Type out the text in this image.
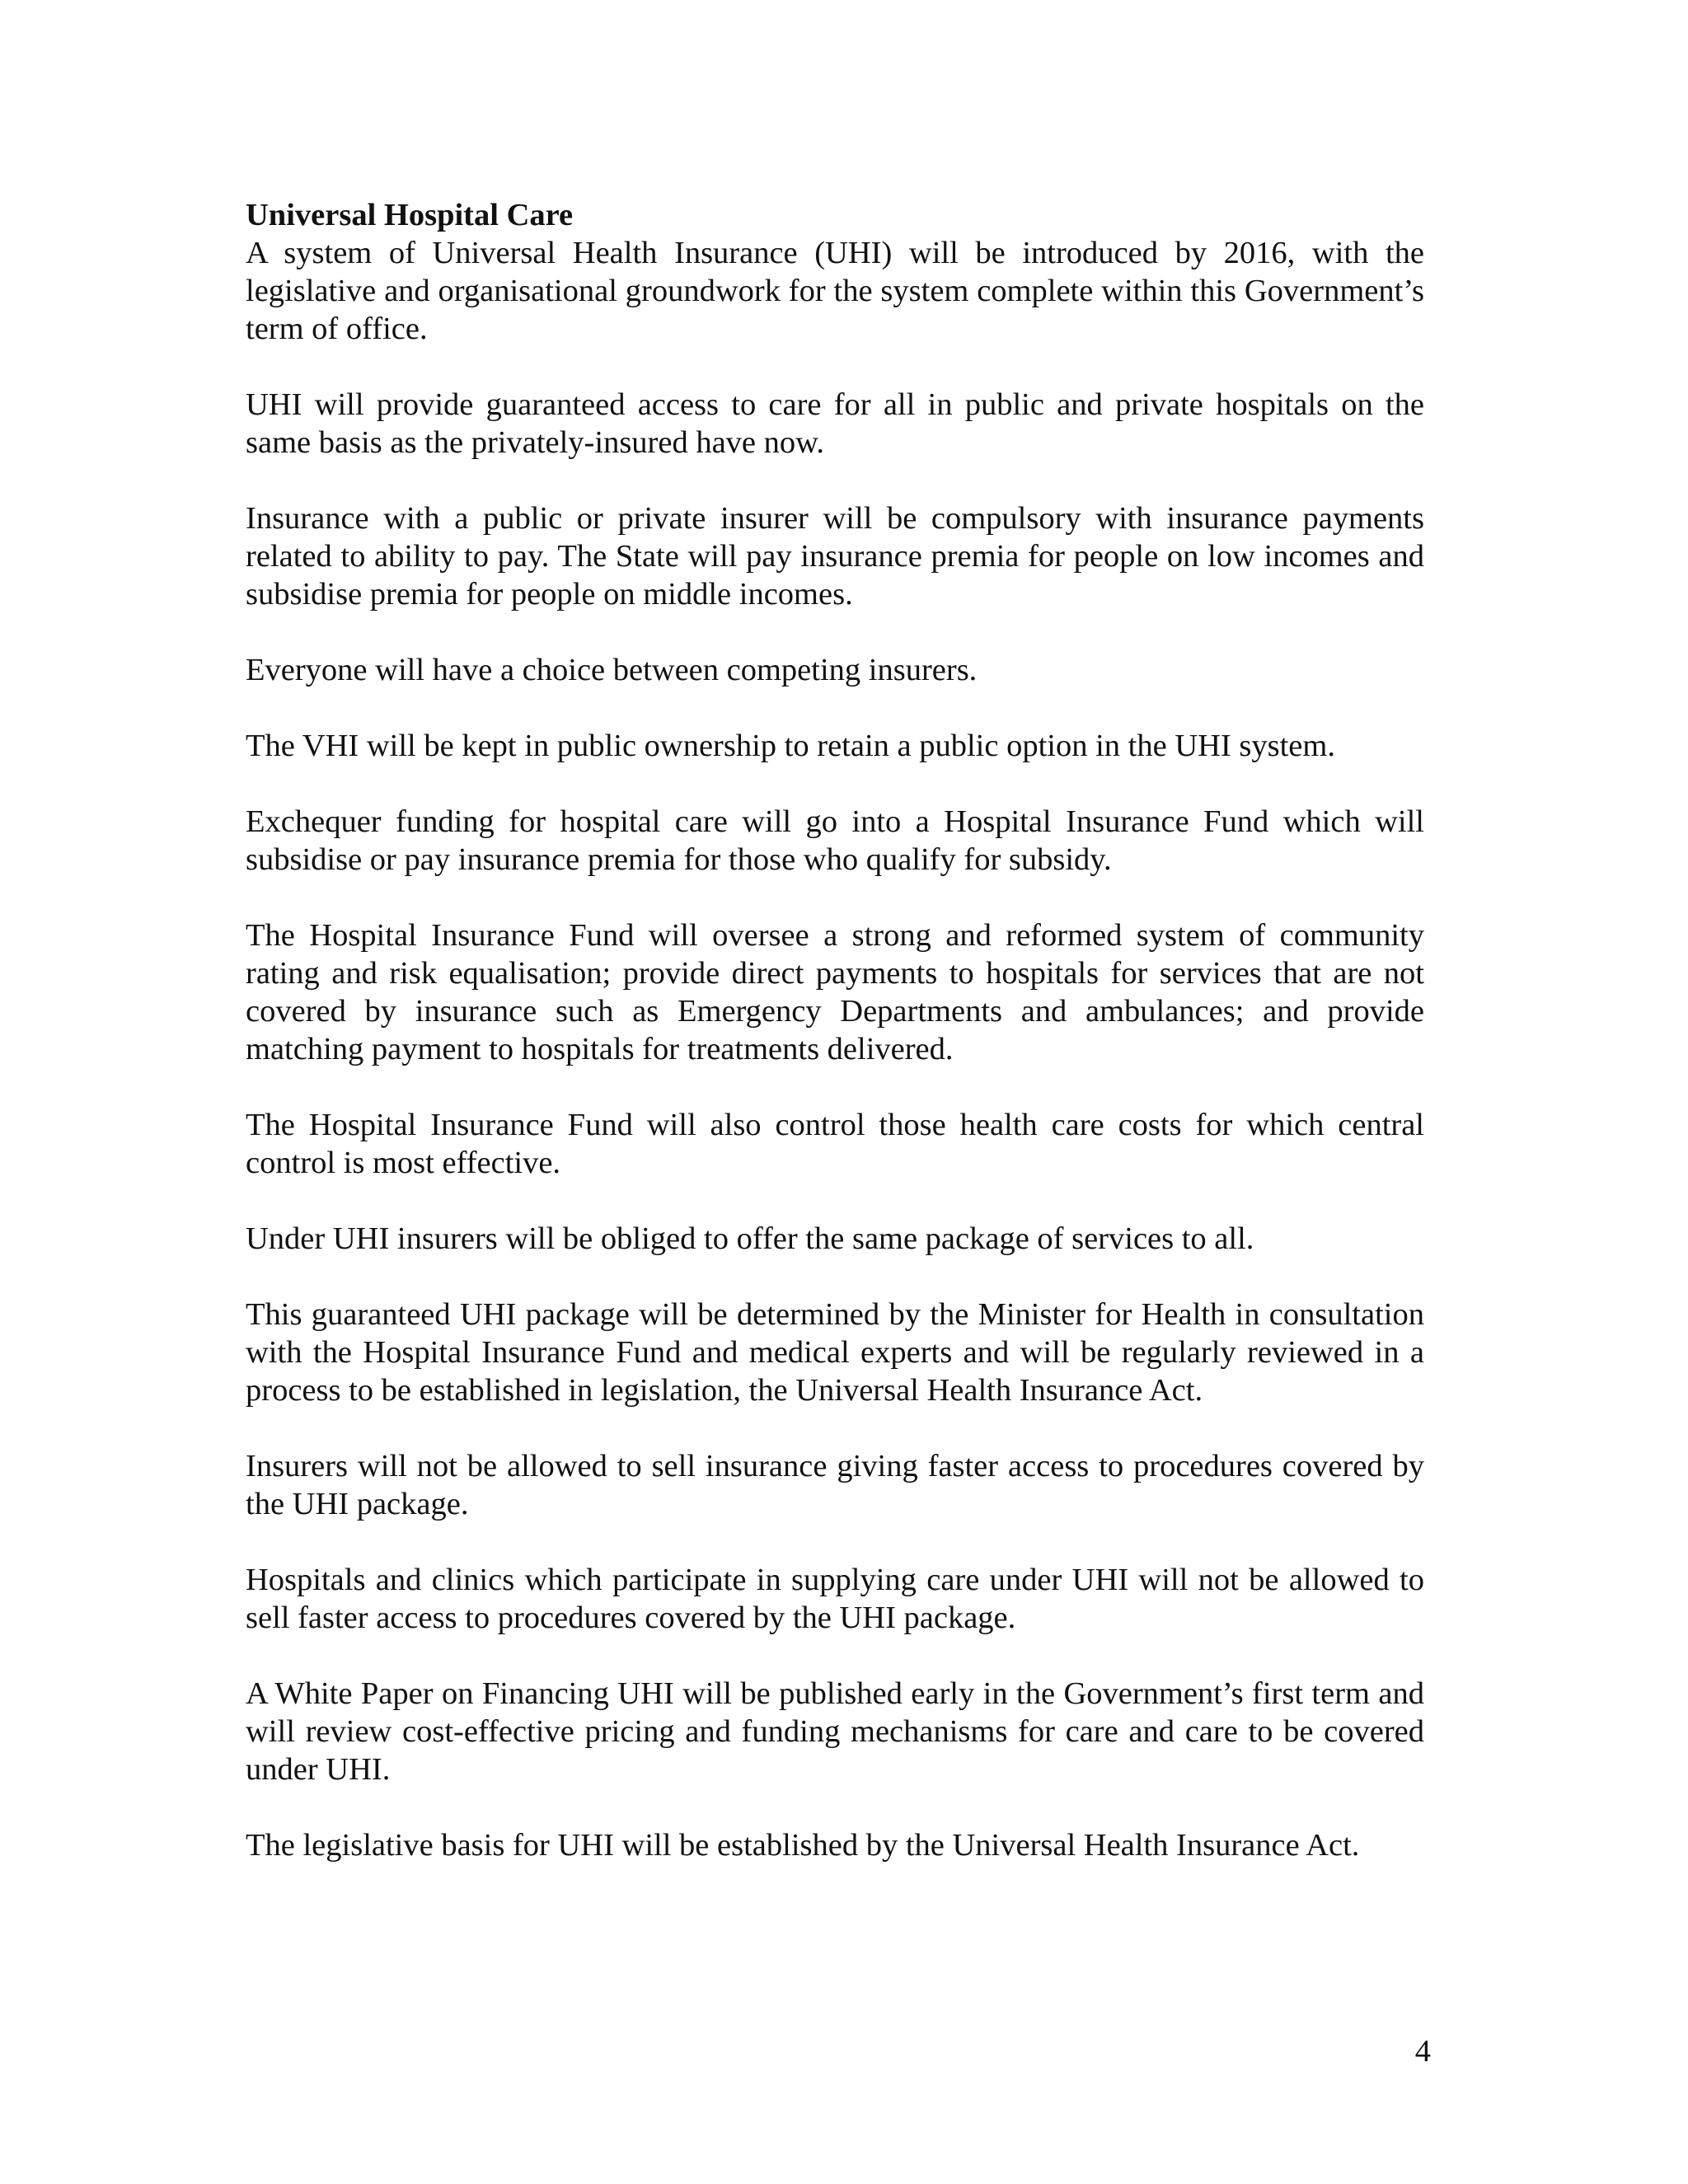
Universal Hospital Care

A system of Universal Health Insurance (UHI) will be introduced by 2016, with the legislative and organisational groundwork for the system complete within this Government’s term of office.

UHI will provide guaranteed access to care for all in public and private hospitals on the same basis as the privately-insured have now.

Insurance with a public or private insurer will be compulsory with insurance payments related to ability to pay. The State will pay insurance premia for people on low incomes and subsidise premia for people on middle incomes.

Everyone will have a choice between competing insurers.

The VHI will be kept in public ownership to retain a public option in the UHI system.

Exchequer funding for hospital care will go into a Hospital Insurance Fund which will subsidise or pay insurance premia for those who qualify for subsidy.

The Hospital Insurance Fund will oversee a strong and reformed system of community rating and risk equalisation; provide direct payments to hospitals for services that are not covered by insurance such as Emergency Departments and ambulances; and provide matching payment to hospitals for treatments delivered.

The Hospital Insurance Fund will also control those health care costs for which central control is most effective.

Under UHI insurers will be obliged to offer the same package of services to all.

This guaranteed UHI package will be determined by the Minister for Health in consultation with the Hospital Insurance Fund and medical experts and will be regularly reviewed in a process to be established in legislation, the Universal Health Insurance Act.

Insurers will not be allowed to sell insurance giving faster access to procedures covered by the UHI package.

Hospitals and clinics which participate in supplying care under UHI will not be allowed to sell faster access to procedures covered by the UHI package.

A White Paper on Financing UHI will be published early in the Government’s first term and will review cost-effective pricing and funding mechanisms for care and care to be covered under UHI.

The legislative basis for UHI will be established by the Universal Health Insurance Act.

4
